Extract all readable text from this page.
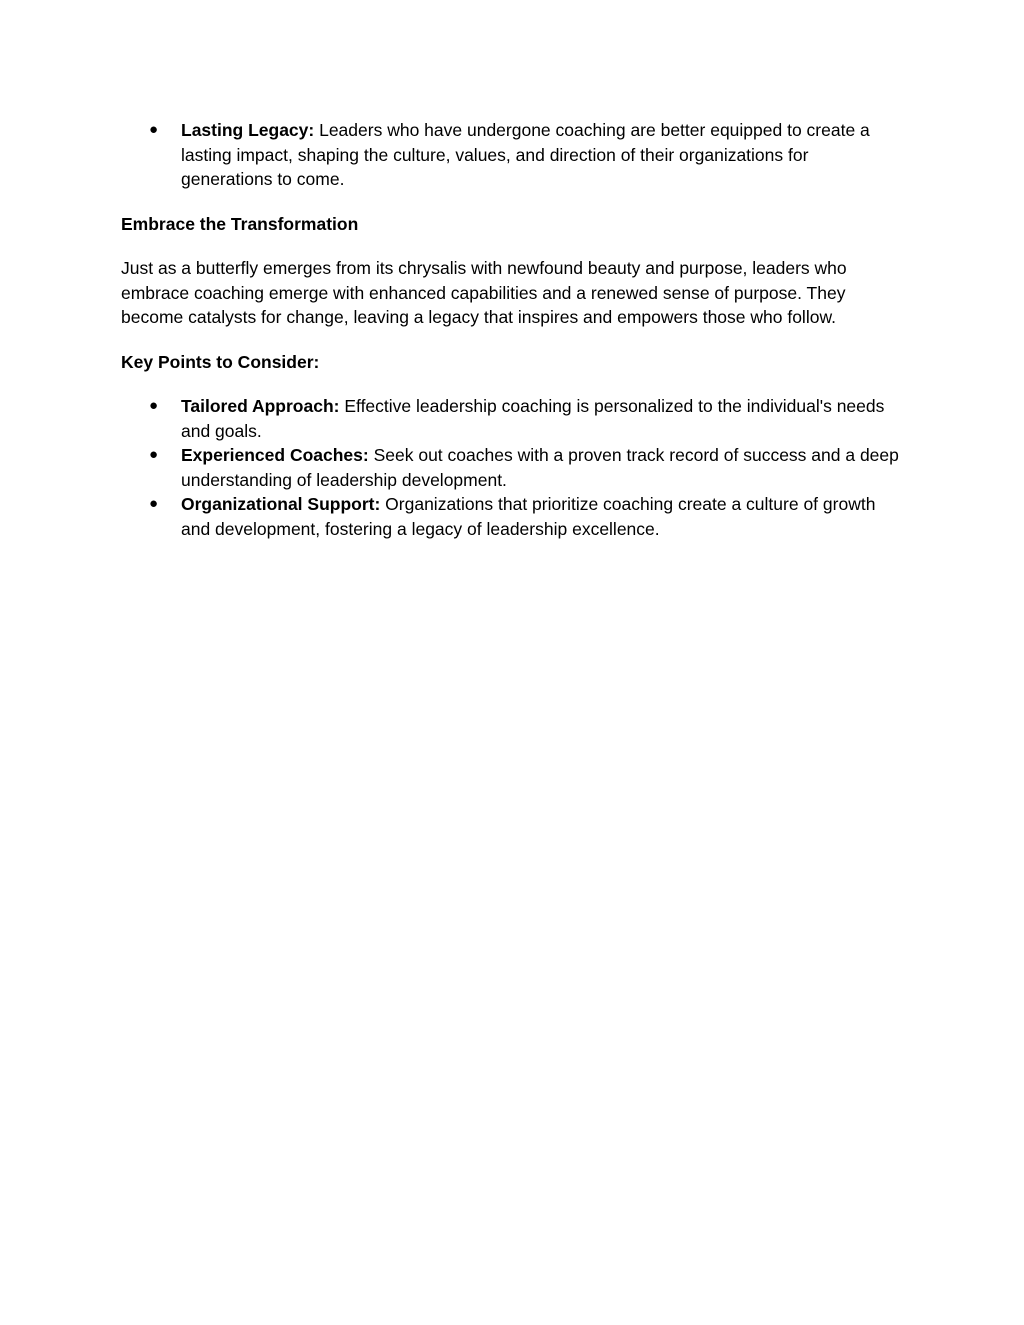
● Lasting Legacy: Leaders who have undergone coaching are better equipped to create a lasting impact, shaping the culture, values, and direction of their organizations for generations to come.

Embrace the Transformation

Just as a butterfly emerges from its chrysalis with newfound beauty and purpose, leaders who embrace coaching emerge with enhanced capabilities and a renewed sense of purpose. They become catalysts for change, leaving a legacy that inspires and empowers those who follow.

Key Points to Consider:

● Tailored Approach: Effective leadership coaching is personalized to the individual's needs and goals.
● Experienced Coaches: Seek out coaches with a proven track record of success and a deep understanding of leadership development.
● Organizational Support: Organizations that prioritize coaching create a culture of growth and development, fostering a legacy of leadership excellence.
